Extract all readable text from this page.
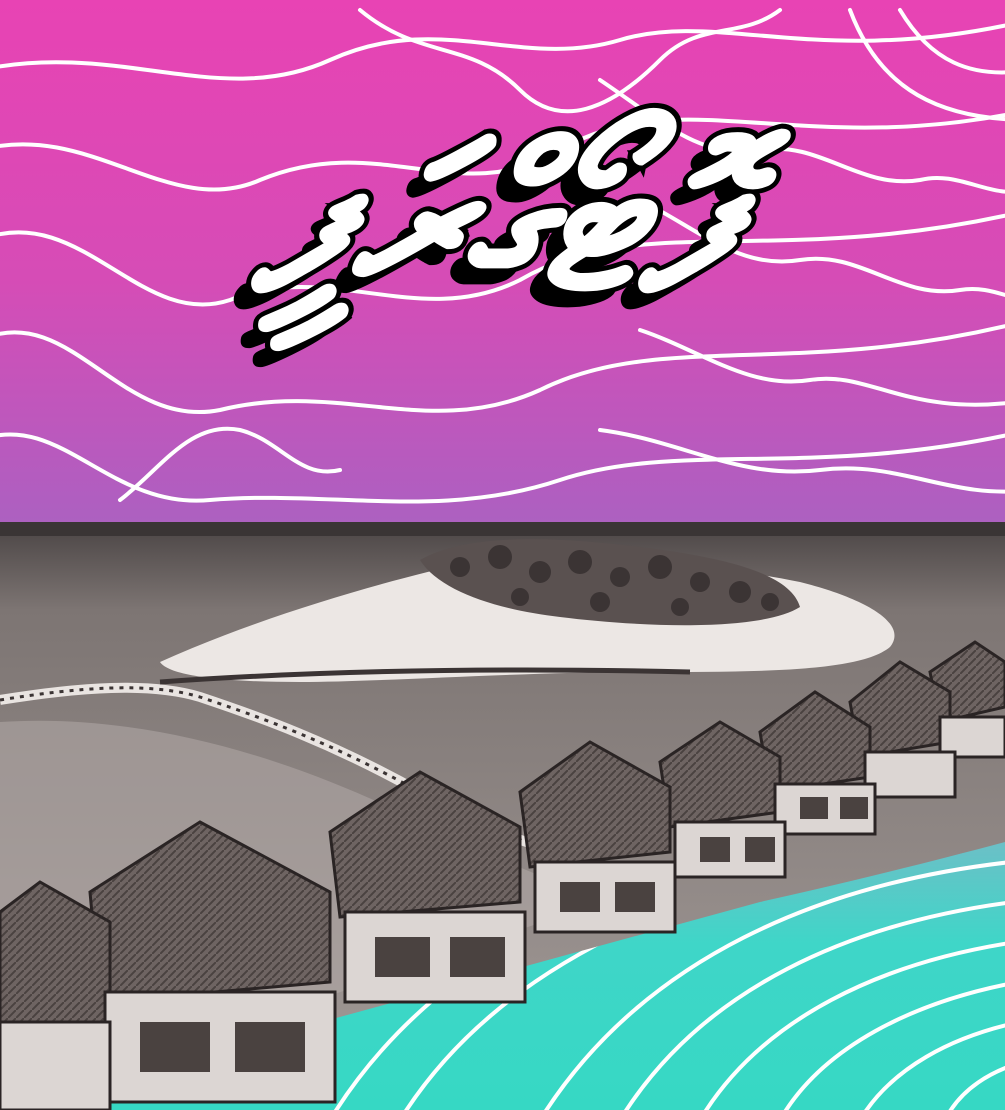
ފޮޓޯގްރަފީ
